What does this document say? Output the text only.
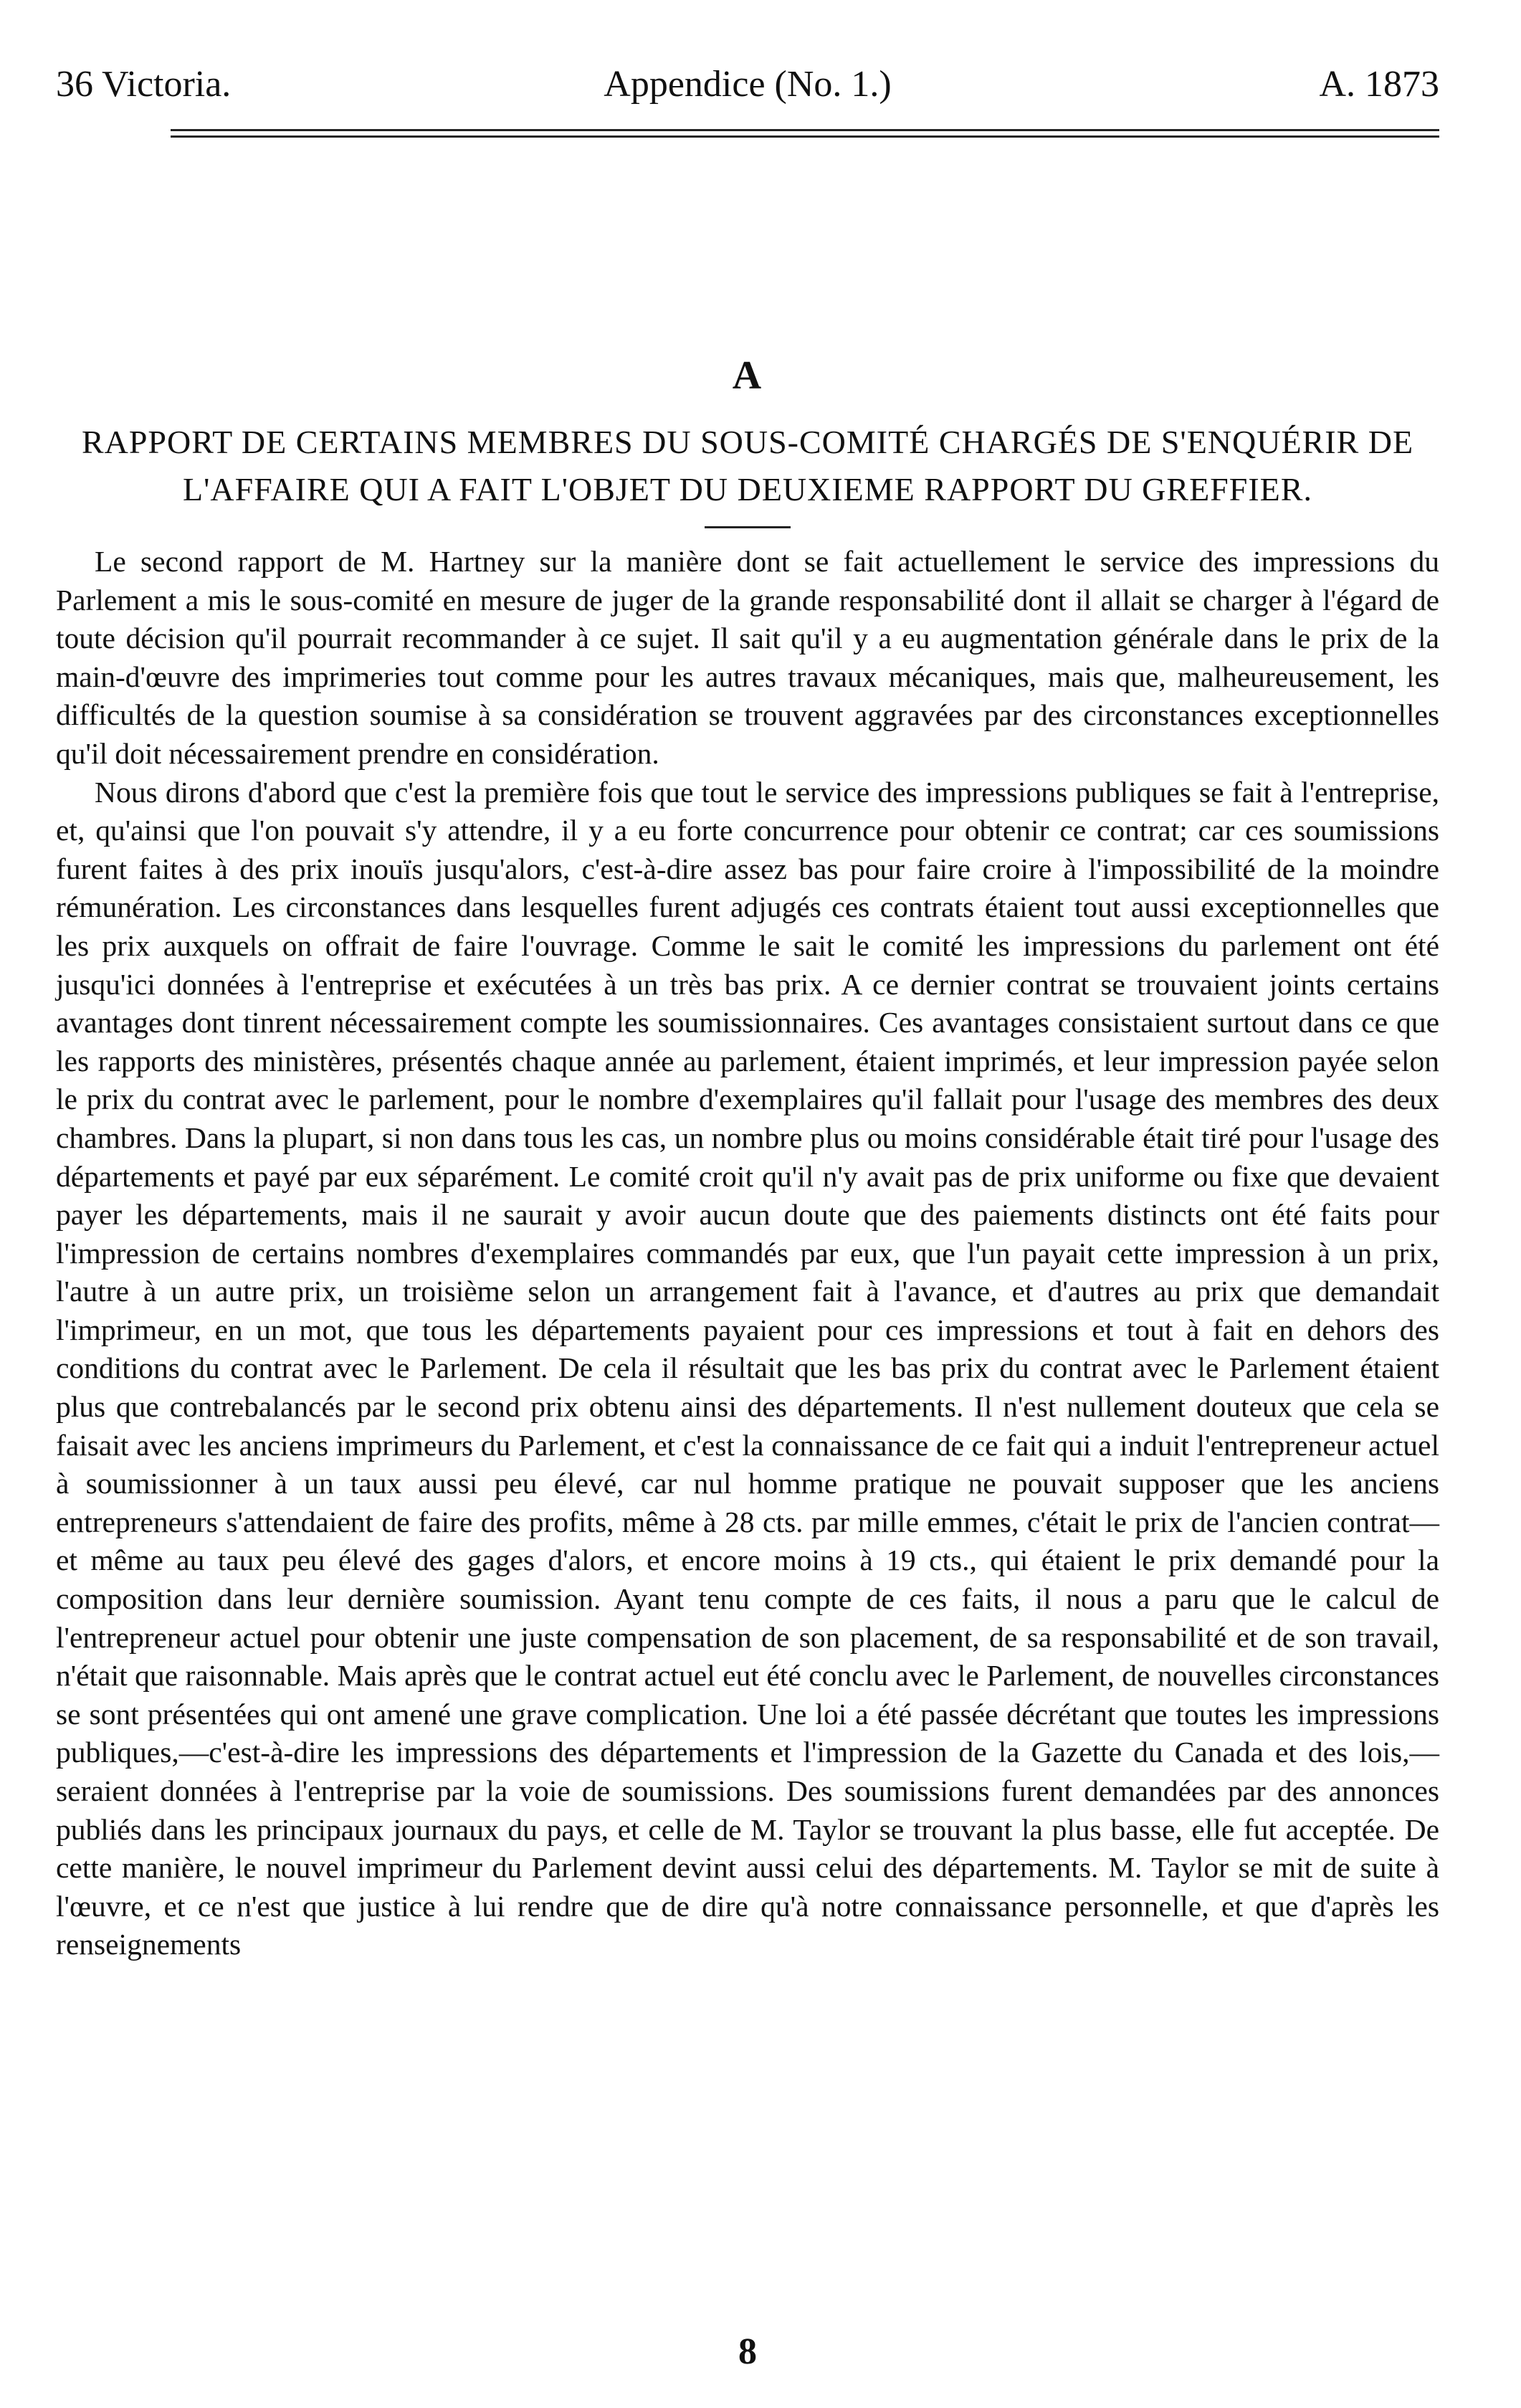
36 Victoria.	Appendice (No. 1.)	A. 1873
A
RAPPORT DE CERTAINS MEMBRES DU SOUS-COMITÉ CHARGÉS DE S'ENQUÉRIR DE L'AFFAIRE QUI A FAIT L'OBJET DU DEUXIEME RAPPORT DU GREFFIER.

Le second rapport de M. Hartney sur la manière dont se fait actuellement le service des impressions du Parlement a mis le sous-comité en mesure de juger de la grande responsabilité dont il allait se charger à l'égard de toute décision qu'il pourrait recommander à ce sujet. Il sait qu'il y a eu augmentation générale dans le prix de la main-d'œuvre des imprimeries tout comme pour les autres travaux mécaniques, mais que, malheureusement, les difficultés de la question soumise à sa considération se trouvent aggravées par des circonstances exceptionnelles qu'il doit nécessairement prendre en considération.

Nous dirons d'abord que c'est la première fois que tout le service des impressions publiques se fait à l'entreprise, et, qu'ainsi que l'on pouvait s'y attendre, il y a eu forte concurrence pour obtenir ce contrat; car ces soumissions furent faites à des prix inouïs jusqu'alors, c'est-à-dire assez bas pour faire croire à l'impossibilité de la moindre rémunération. Les circonstances dans lesquelles furent adjugés ces contrats étaient tout aussi exceptionnelles que les prix auxquels on offrait de faire l'ouvrage. Comme le sait le comité les impressions du parlement ont été jusqu'ici données à l'entreprise et exécutées à un très bas prix. A ce dernier contrat se trouvaient joints certains avantages dont tinrent nécessairement compte les soumissionnaires. Ces avantages consistaient surtout dans ce que les rapports des ministères, présentés chaque année au parlement, étaient imprimés, et leur impression payée selon le prix du contrat avec le parlement, pour le nombre d'exemplaires qu'il fallait pour l'usage des membres des deux chambres. Dans la plupart, si non dans tous les cas, un nombre plus ou moins considérable était tiré pour l'usage des départements et payé par eux séparément. Le comité croit qu'il n'y avait pas de prix uniforme ou fixe que devaient payer les départements, mais il ne saurait y avoir aucun doute que des paiements distincts ont été faits pour l'impression de certains nombres d'exemplaires commandés par eux, que l'un payait cette impression à un prix, l'autre à un autre prix, un troisième selon un arrangement fait à l'avance, et d'autres au prix que demandait l'imprimeur, en un mot, que tous les départements payaient pour ces impressions et tout à fait en dehors des conditions du contrat avec le Parlement. De cela il résultait que les bas prix du contrat avec le Parlement étaient plus que contrebalancés par le second prix obtenu ainsi des départements. Il n'est nullement douteux que cela se faisait avec les anciens imprimeurs du Parlement, et c'est la connaissance de ce fait qui a induit l'entrepreneur actuel à soumissionner à un taux aussi peu élevé, car nul homme pratique ne pouvait supposer que les anciens entrepreneurs s'attendaient de faire des profits, même à 28 cts. par mille emmes, c'était le prix de l'ancien contrat—et même au taux peu élevé des gages d'alors, et encore moins à 19 cts., qui étaient le prix demandé pour la composition dans leur dernière soumission. Ayant tenu compte de ces faits, il nous a paru que le calcul de l'entrepreneur actuel pour obtenir une juste compensation de son placement, de sa responsabilité et de son travail, n'était que raisonnable. Mais après que le contrat actuel eut été conclu avec le Parlement, de nouvelles circonstances se sont présentées qui ont amené une grave complication. Une loi a été passée décrétant que toutes les impressions publiques,—c'est-à-dire les impressions des départements et l'impression de la Gazette du Canada et des lois,—seraient données à l'entreprise par la voie de soumissions. Des soumissions furent demandées par des annonces publiés dans les principaux journaux du pays, et celle de M. Taylor se trouvant la plus basse, elle fut acceptée. De cette manière, le nouvel imprimeur du Parlement devint aussi celui des départements. M. Taylor se mit de suite à l'œuvre, et ce n'est que justice à lui rendre que de dire qu'à notre connaissance personnelle, et que d'après les renseignements

8
